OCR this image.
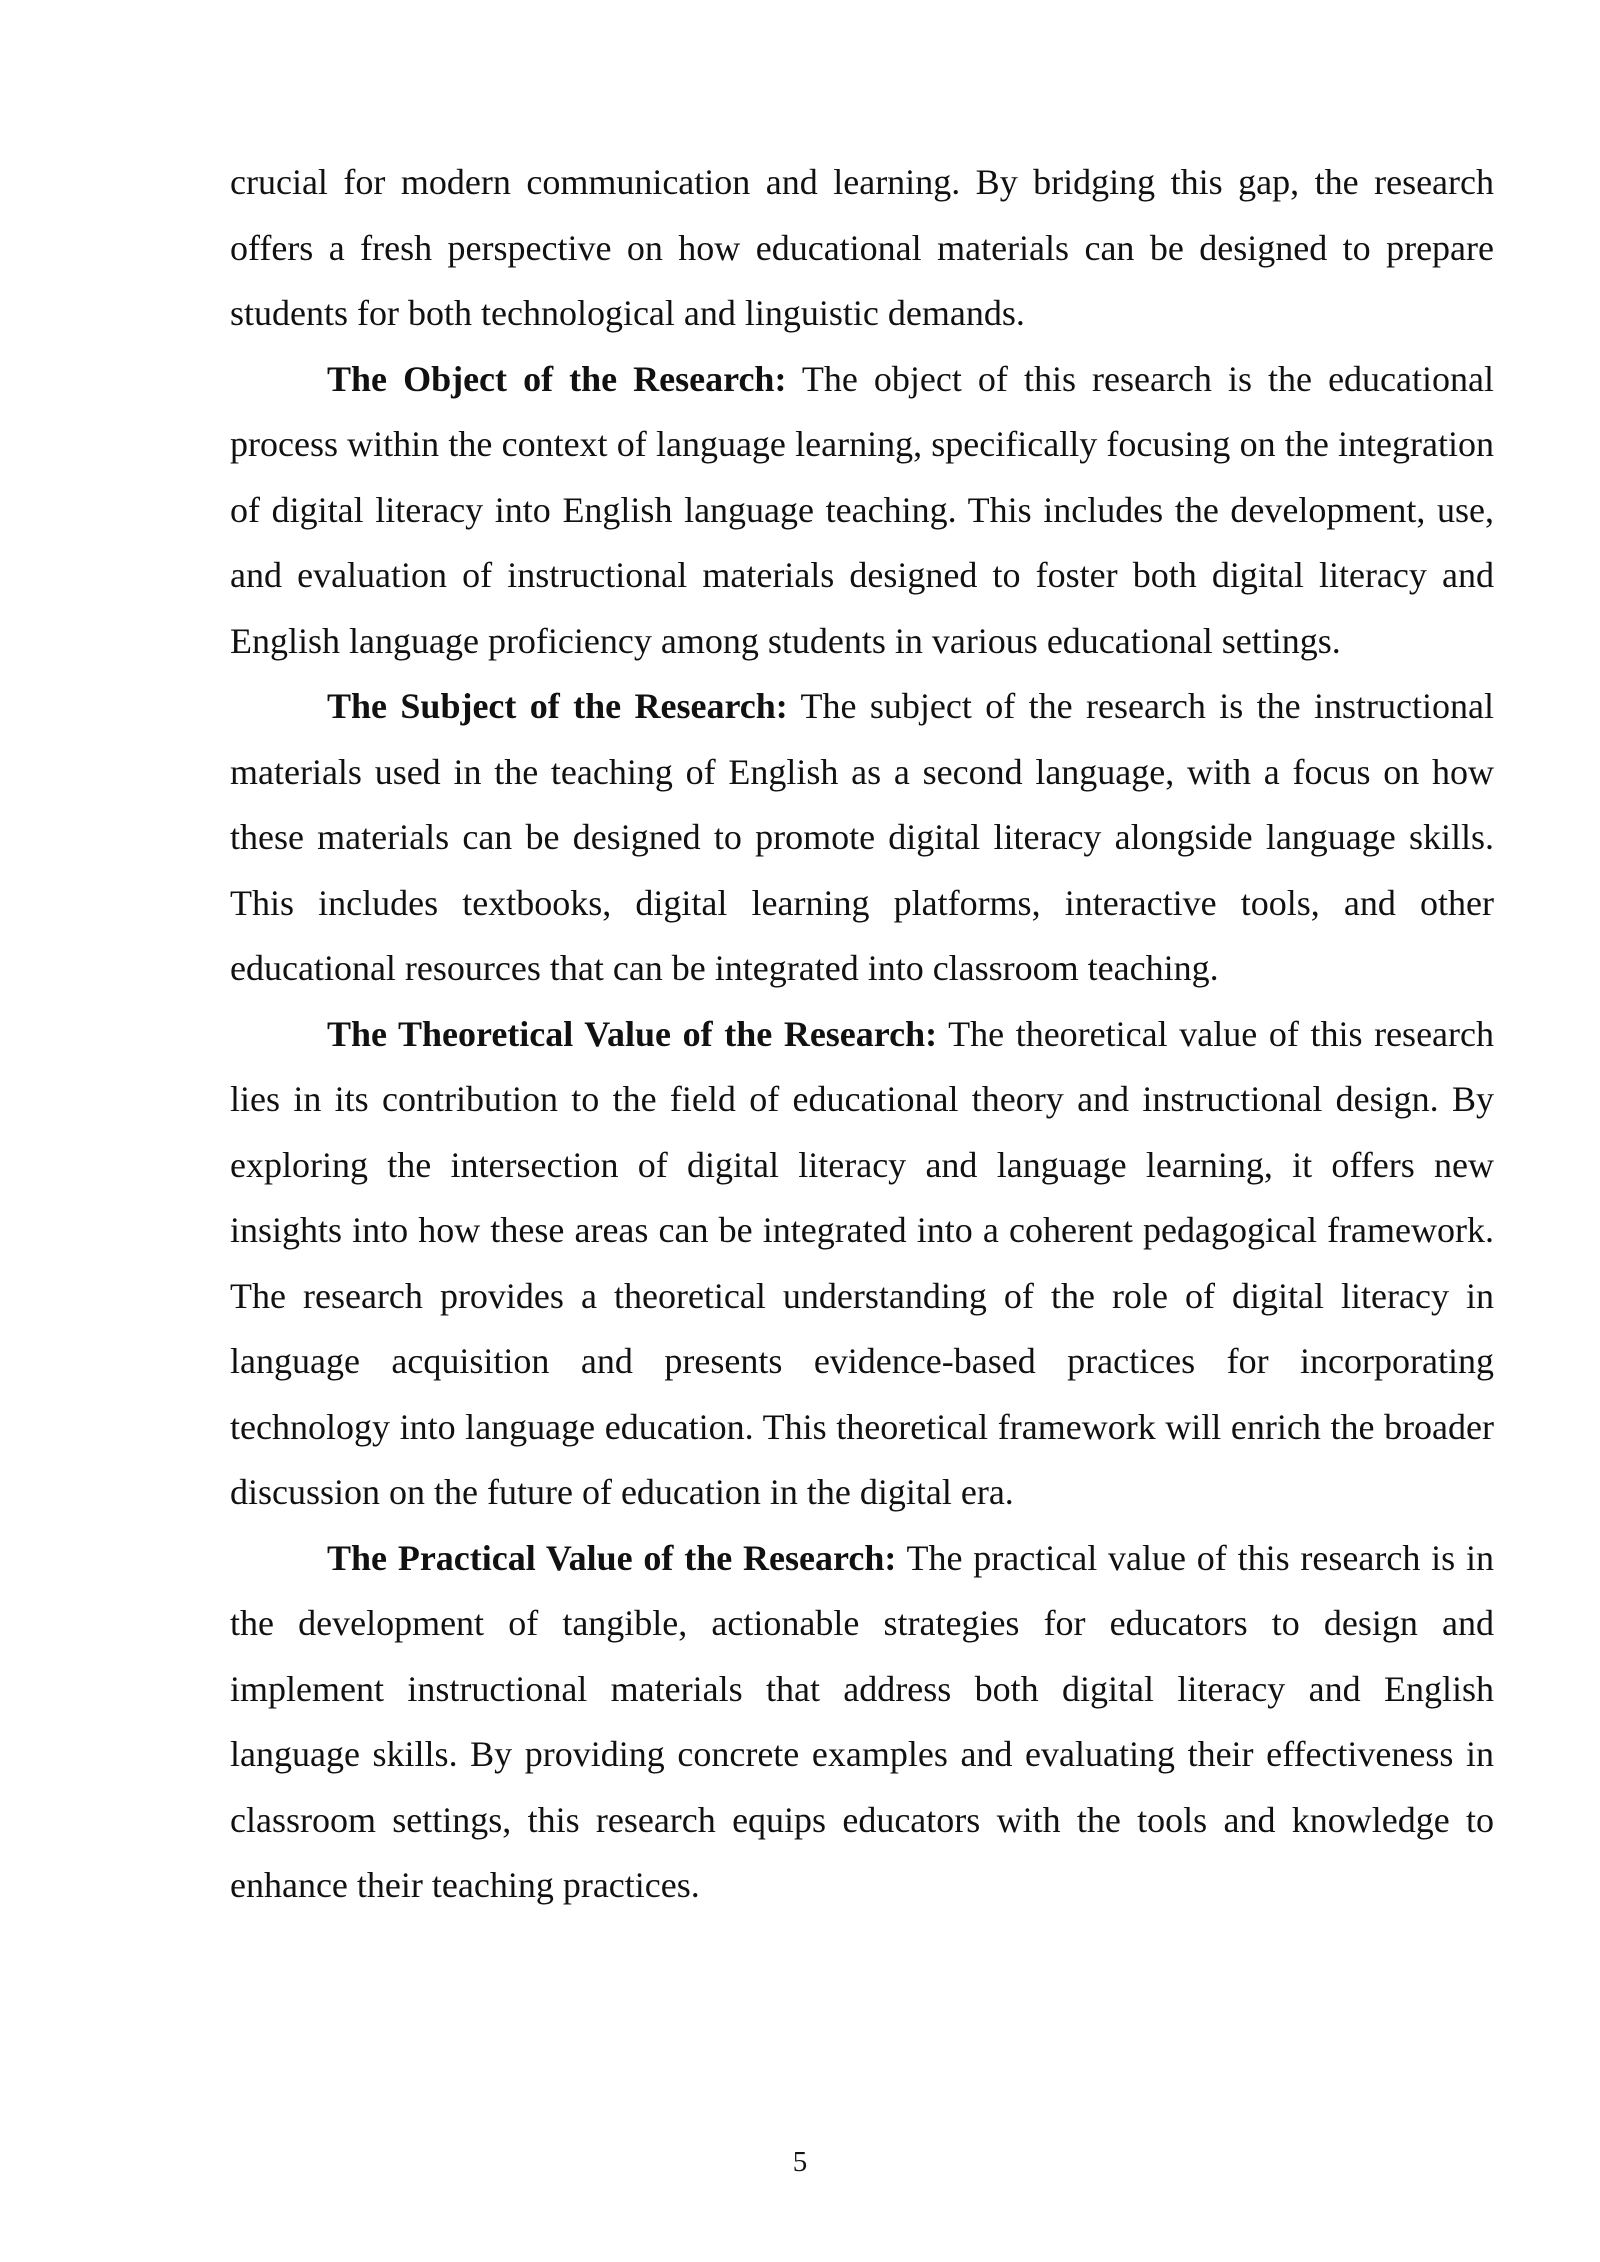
crucial for modern communication and learning. By bridging this gap, the research offers a fresh perspective on how educational materials can be designed to prepare students for both technological and linguistic demands.

The Object of the Research: The object of this research is the educational process within the context of language learning, specifically focusing on the integration of digital literacy into English language teaching. This includes the development, use, and evaluation of instructional materials designed to foster both digital literacy and English language proficiency among students in various educational settings.

The Subject of the Research: The subject of the research is the instructional materials used in the teaching of English as a second language, with a focus on how these materials can be designed to promote digital literacy alongside language skills. This includes textbooks, digital learning platforms, interactive tools, and other educational resources that can be integrated into classroom teaching.

The Theoretical Value of the Research: The theoretical value of this research lies in its contribution to the field of educational theory and instructional design. By exploring the intersection of digital literacy and language learning, it offers new insights into how these areas can be integrated into a coherent pedagogical framework. The research provides a theoretical understanding of the role of digital literacy in language acquisition and presents evidence-based practices for incorporating technology into language education. This theoretical framework will enrich the broader discussion on the future of education in the digital era.

The Practical Value of the Research: The practical value of this research is in the development of tangible, actionable strategies for educators to design and implement instructional materials that address both digital literacy and English language skills. By providing concrete examples and evaluating their effectiveness in classroom settings, this research equips educators with the tools and knowledge to enhance their teaching practices.

5
